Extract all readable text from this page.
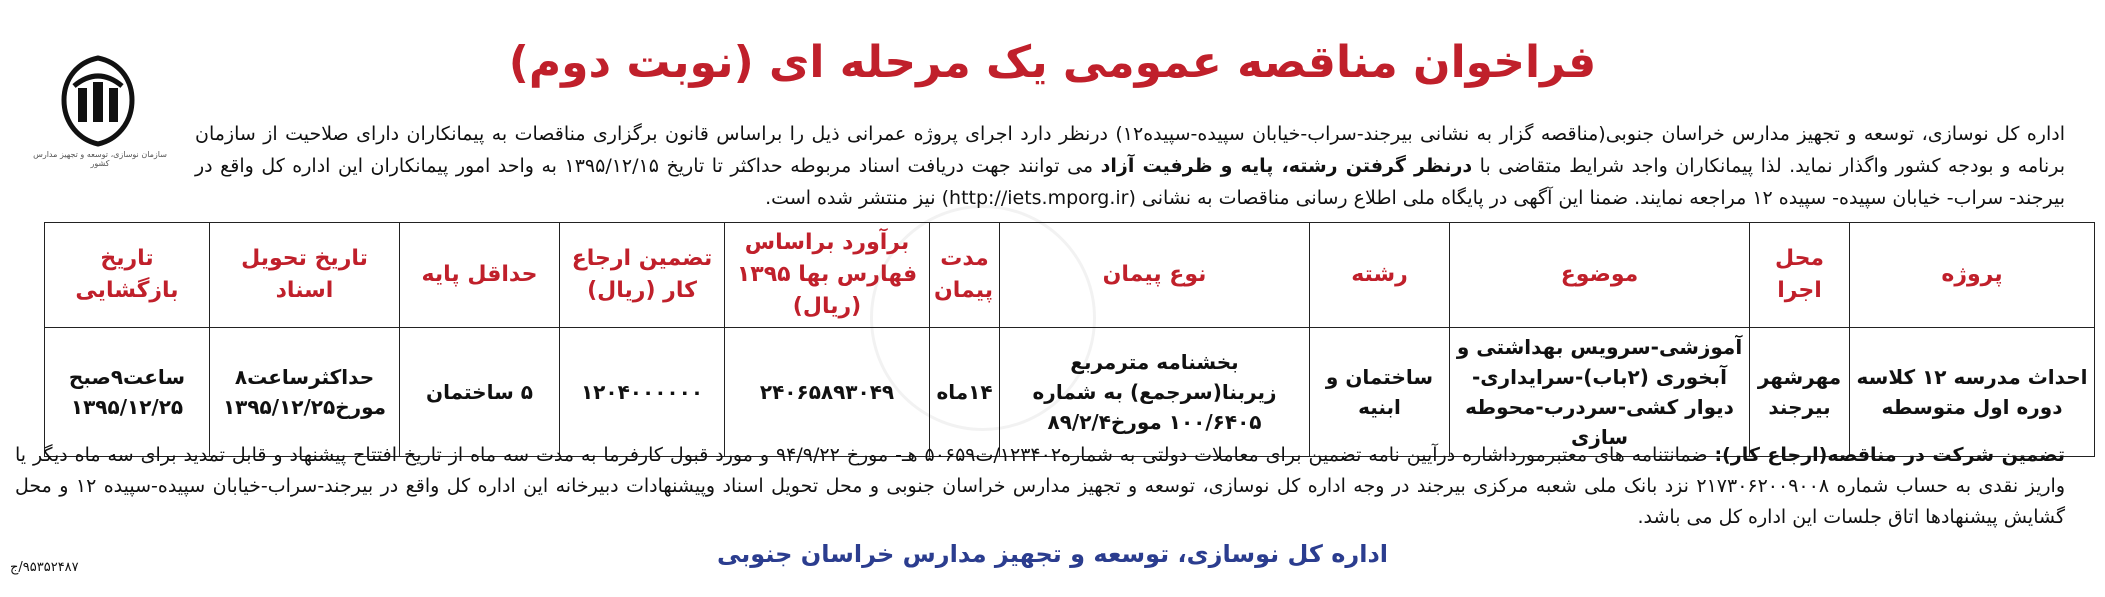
فراخوان مناقصه عمومی یک مرحله ای (نوبت دوم)
سازمان نوسازی، توسعه و تجهیز مدارس کشور
اداره کل نوسازی، توسعه و تجهیز مدارس خراسان جنوبی(مناقصه گزار به نشانی بیرجند-سراب-خیابان سپیده-سپیده۱۲) درنظر دارد اجرای پروژه عمرانی ذیل را براساس قانون برگزاری مناقصات به پیمانکاران دارای صلاحیت از سازمان برنامه و بودجه کشور واگذار نماید. لذا پیمانکاران واجد شرایط متقاضی با درنظر گرفتن رشته، پایه و ظرفیت آزاد می توانند جهت دریافت اسناد مربوطه حداکثر تا تاریخ ۱۳۹۵/۱۲/۱۵ به واحد امور پیمانکاران این اداره کل واقع در بیرجند- سراب- خیابان سپیده- سپیده ۱۲ مراجعه نمایند. ضمنا این آگهی در پایگاه ملی اطلاع رسانی مناقصات به نشانی (http://iets.mporg.ir) نیز منتشر شده است.
پروژه	محل اجرا	موضوع	رشته	نوع پیمان	مدت پیمان	برآورد براساس فهارس بها ۱۳۹۵ (ریال)	تضمین ارجاع کار (ریال)	حداقل پایه	تاریخ تحویل اسناد	تاریخ بازگشایی
احداث مدرسه ۱۲ کلاسه دوره اول متوسطه	مهرشهر بیرجند	آموزشی-سرویس بهداشتی و آبخوری (۲باب)-سرایداری-دیوار کشی-سردرب-محوطه سازی	ساختمان و ابنیه	بخشنامه مترمربع زیربنا(سرجمع) به شماره ۱۰۰/۶۴۰۵ مورخ۸۹/۲/۴	۱۴ماه	۲۴۰۶۵۸۹۳۰۴۹	۱۲۰۴۰۰۰۰۰۰	۵ ساختمان	حداکثرساعت۸ مورخ۱۳۹۵/۱۲/۲۵	ساعت۹صبح ۱۳۹۵/۱۲/۲۵
تضمین شرکت در مناقصه(ارجاع کار): ضمانتنامه های معتبرمورداشاره درآیین نامه تضمین برای معاملات دولتی به شماره۱۲۳۴۰۲/ت۵۰۶۵۹ هـ- مورخ ۹۴/۹/۲۲ و مورد قبول کارفرما به مدت سه ماه از تاریخ افتتاح پیشنهاد و قابل تمدید برای سه ماه دیگر یا واریز نقدی به حساب شماره ۲۱۷۳۰۶۲۰۰۹۰۰۸ نزد بانک ملی شعبه مرکزی بیرجند در وجه اداره کل نوسازی، توسعه و تجهیز مدارس خراسان جنوبی و محل تحویل اسناد وپیشنهادات دبیرخانه این اداره کل واقع در بیرجند-سراب-خیابان سپیده-سپیده ۱۲ و محل گشایش پیشنهادها اتاق جلسات این اداره کل می باشد.
اداره کل نوسازی، توسعه و تجهیز مدارس خراسان جنوبی
۹۵۳۵۲۴۸۷/ج
